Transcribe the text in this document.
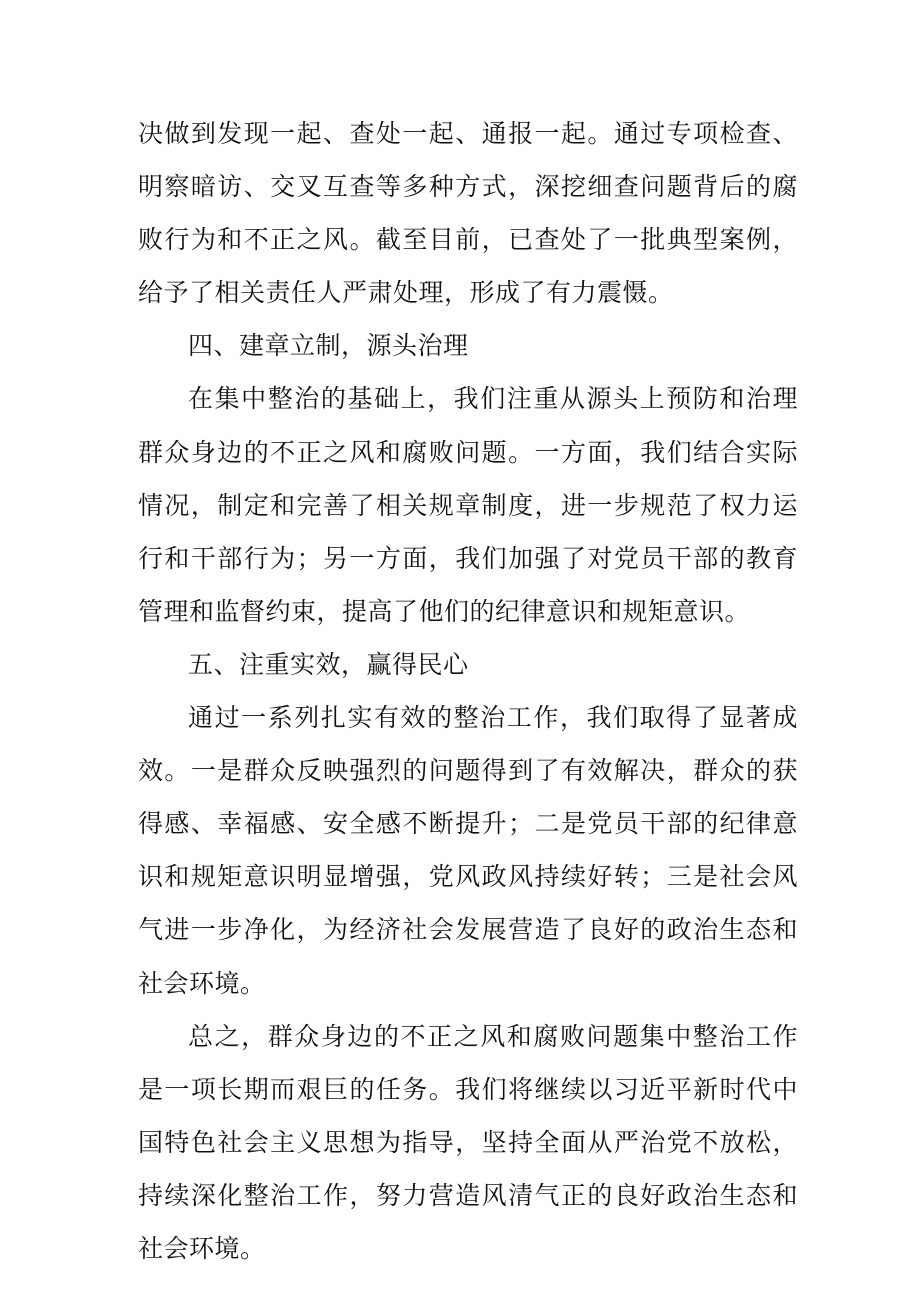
决做到发现一起、查处一起、通报一起。通过专项检查、明察暗访、交叉互查等多种方式，深挖细查问题背后的腐败行为和不正之风。截至目前，已查处了一批典型案例，给予了相关责任人严肃处理，形成了有力震慑。

四、建章立制，源头治理

在集中整治的基础上，我们注重从源头上预防和治理群众身边的不正之风和腐败问题。一方面，我们结合实际情况，制定和完善了相关规章制度，进一步规范了权力运行和干部行为；另一方面，我们加强了对党员干部的教育管理和监督约束，提高了他们的纪律意识和规矩意识。

五、注重实效，赢得民心

通过一系列扎实有效的整治工作，我们取得了显著成效。一是群众反映强烈的问题得到了有效解决，群众的获得感、幸福感、安全感不断提升；二是党员干部的纪律意识和规矩意识明显增强，党风政风持续好转；三是社会风气进一步净化，为经济社会发展营造了良好的政治生态和社会环境。

总之，群众身边的不正之风和腐败问题集中整治工作是一项长期而艰巨的任务。我们将继续以习近平新时代中国特色社会主义思想为指导，坚持全面从严治党不放松，持续深化整治工作，努力营造风清气正的良好政治生态和社会环境。
